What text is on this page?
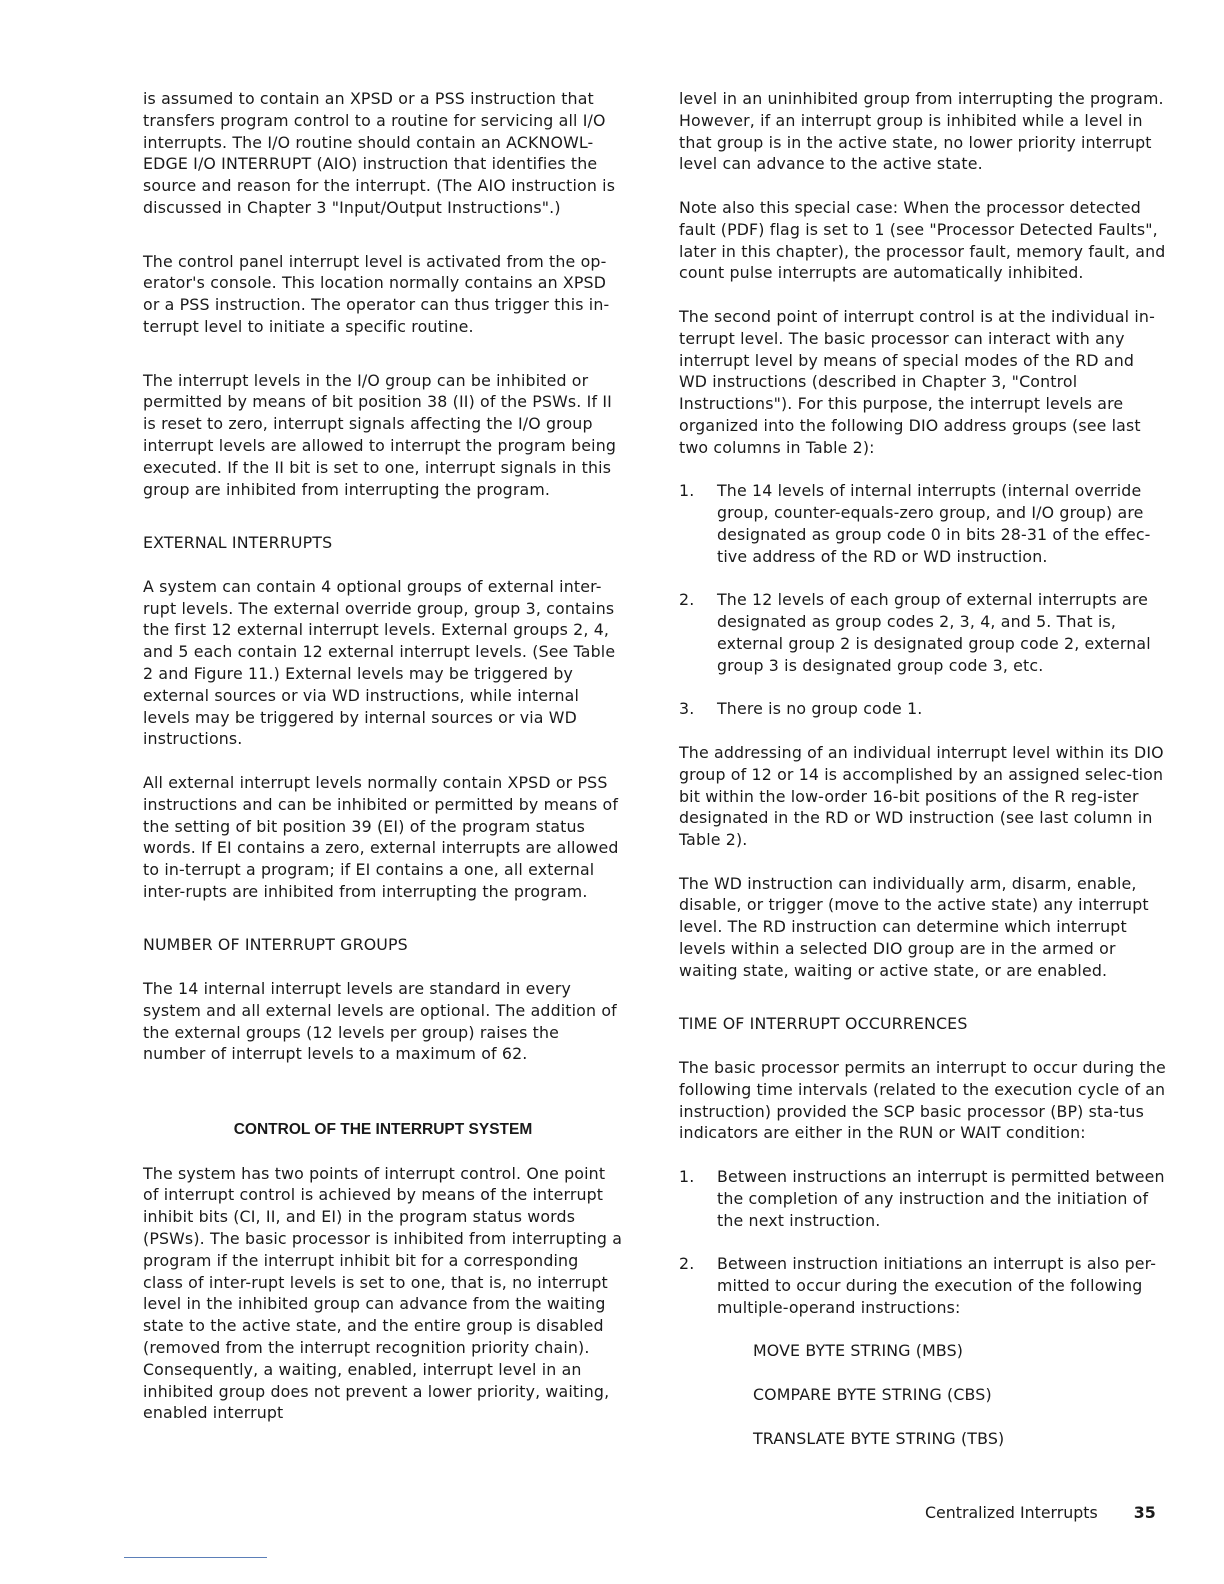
is assumed to contain an XPSD or a PSS instruction that transfers program control to a routine for servicing all I/O interrupts. The I/O routine should contain an ACKNOWL-EDGE I/O INTERRUPT (AIO) instruction that identifies the source and reason for the interrupt. (The AIO instruction is discussed in Chapter 3 "Input/Output Instructions".)

The control panel interrupt level is activated from the op-erator's console. This location normally contains an XPSD or a PSS instruction. The operator can thus trigger this in-terrupt level to initiate a specific routine.

The interrupt levels in the I/O group can be inhibited or permitted by means of bit position 38 (II) of the PSWs. If II is reset to zero, interrupt signals affecting the I/O group interrupt levels are allowed to interrupt the program being executed. If the II bit is set to one, interrupt signals in this group are inhibited from interrupting the program.

EXTERNAL INTERRUPTS

A system can contain 4 optional groups of external inter-rupt levels. The external override group, group 3, contains the first 12 external interrupt levels. External groups 2, 4, and 5 each contain 12 external interrupt levels. (See Table 2 and Figure 11.) External levels may be triggered by external sources or via WD instructions, while internal levels may be triggered by internal sources or via WD instructions.

All external interrupt levels normally contain XPSD or PSS instructions and can be inhibited or permitted by means of the setting of bit position 39 (EI) of the program status words. If EI contains a zero, external interrupts are allowed to in-terrupt a program; if EI contains a one, all external inter-rupts are inhibited from interrupting the program.

NUMBER OF INTERRUPT GROUPS

The 14 internal interrupt levels are standard in every system and all external levels are optional. The addition of the external groups (12 levels per group) raises the number of interrupt levels to a maximum of 62.

CONTROL OF THE INTERRUPT SYSTEM

The system has two points of interrupt control. One point of interrupt control is achieved by means of the interrupt inhibit bits (CI, II, and EI) in the program status words (PSWs). The basic processor is inhibited from interrupting a program if the interrupt inhibit bit for a corresponding class of inter-rupt levels is set to one, that is, no interrupt level in the inhibited group can advance from the waiting state to the active state, and the entire group is disabled (removed from the interrupt recognition priority chain). Consequently, a waiting, enabled, interrupt level in an inhibited group does not prevent a lower priority, waiting, enabled interrupt

level in an uninhibited group from interrupting the program. However, if an interrupt group is inhibited while a level in that group is in the active state, no lower priority interrupt level can advance to the active state.

Note also this special case: When the processor detected fault (PDF) flag is set to 1 (see "Processor Detected Faults", later in this chapter), the processor fault, memory fault, and count pulse interrupts are automatically inhibited.

The second point of interrupt control is at the individual in-terrupt level. The basic processor can interact with any interrupt level by means of special modes of the RD and WD instructions (described in Chapter 3, "Control Instructions"). For this purpose, the interrupt levels are organized into the following DIO address groups (see last two columns in Table 2):

1.	The 14 levels of internal interrupts (internal override group, counter-equals-zero group, and I/O group) are designated as group code 0 in bits 28-31 of the effec-tive address of the RD or WD instruction.
2.	The 12 levels of each group of external interrupts are designated as group codes 2, 3, 4, and 5. That is, external group 2 is designated group code 2, external group 3 is designated group code 3, etc.
3.	There is no group code 1.

The addressing of an individual interrupt level within its DIO group of 12 or 14 is accomplished by an assigned selec-tion bit within the low-order 16-bit positions of the R reg-ister designated in the RD or WD instruction (see last column in Table 2).

The WD instruction can individually arm, disarm, enable, disable, or trigger (move to the active state) any interrupt level. The RD instruction can determine which interrupt levels within a selected DIO group are in the armed or waiting state, waiting or active state, or are enabled.

TIME OF INTERRUPT OCCURRENCES

The basic processor permits an interrupt to occur during the following time intervals (related to the execution cycle of an instruction) provided the SCP basic processor (BP) sta-tus indicators are either in the RUN or WAIT condition:

1.	Between instructions an interrupt is permitted between the completion of any instruction and the initiation of the next instruction.
2.	Between instruction initiations an interrupt is also per-mitted to occur during the execution of the following multiple-operand instructions:

MOVE BYTE STRING (MBS)

COMPARE BYTE STRING (CBS)

TRANSLATE BYTE STRING (TBS)

Centralized Interrupts 35
